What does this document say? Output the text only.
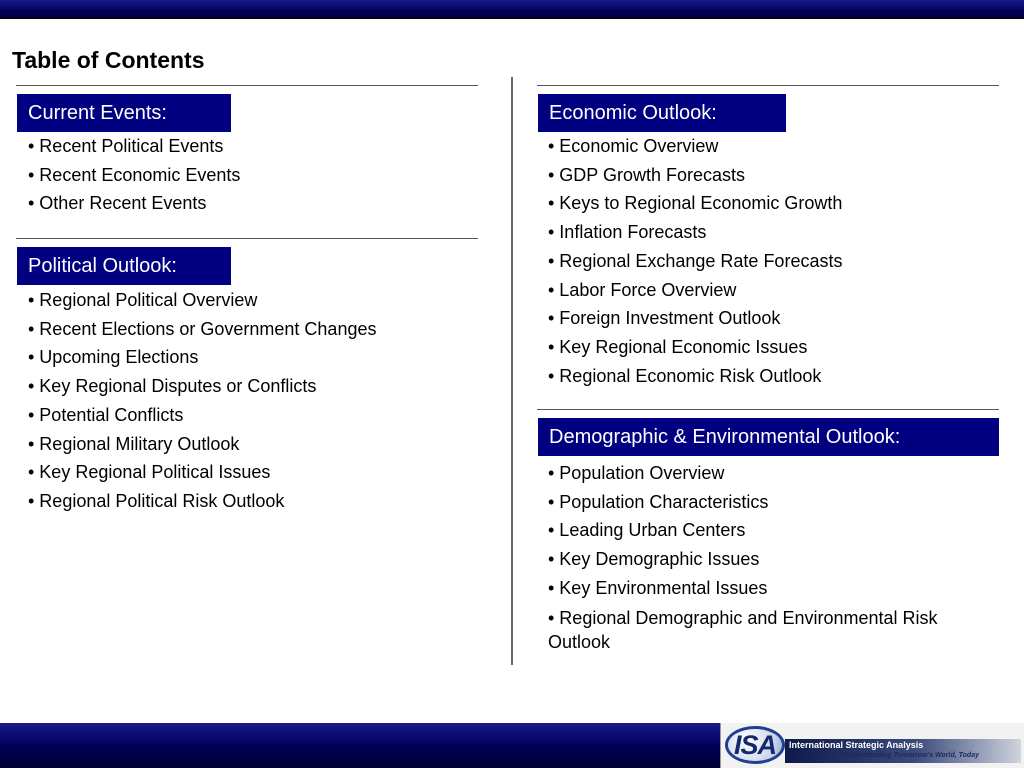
Table of Contents
Current Events:
• Recent Political Events
• Recent Economic Events
• Other Recent Events
Political Outlook:
• Regional Political Overview
• Recent Elections or Government Changes
• Upcoming Elections
• Key Regional Disputes or Conflicts
• Potential Conflicts
• Regional Military Outlook
• Key Regional Political Issues
• Regional Political Risk Outlook
Economic Outlook:
• Economic Overview
• GDP Growth Forecasts
• Keys to Regional Economic Growth
• Inflation Forecasts
• Regional Exchange Rate Forecasts
• Labor Force Overview
• Foreign Investment Outlook
• Key Regional Economic Issues
• Regional Economic Risk Outlook
Demographic & Environmental Outlook:
• Population Overview
• Population Characteristics
• Leading Urban Centers
• Key Demographic Issues
• Key Environmental Issues
• Regional Demographic and Environmental Risk Outlook
ISA	International Strategic Analysis
Understanding Tomorrow's World, Today
